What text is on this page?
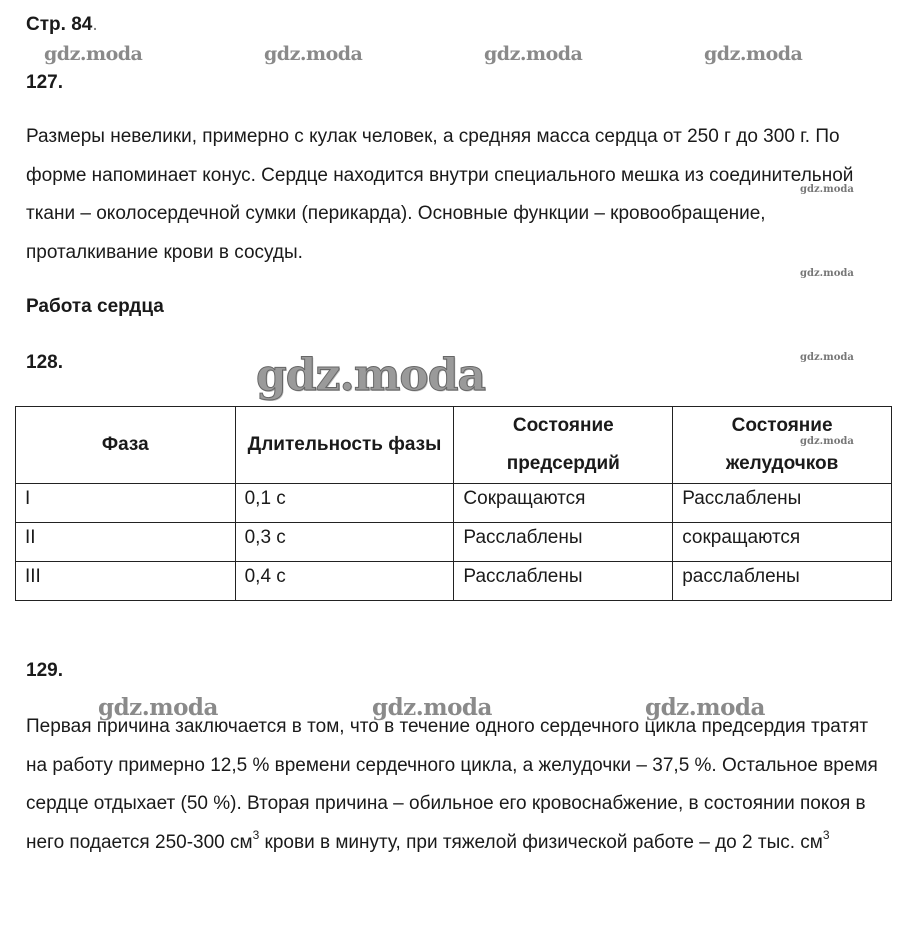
Стр. 84.
gdz.moda	gdz.moda	gdz.moda	gdz.moda
127.

Размеры невелики, примерно с кулак человек, а средняя масса сердца от 250 г до 300 г. По форме напоминает конус. Сердце находится внутри специального мешка из соединительной ткани – околосердечной сумки (перикарда). Основные функции – кровообращение, проталкивание крови в сосуды.

gdz.moda
gdz.moda
Работа сердца
128.	gdz.moda
gdz.moda
Фаза	Длительность фазы	Состояние предсердий	Состояние желудочков
I	0,1 с	Сокращаются	Расслаблены
II	0,3 с	Расслаблены	сокращаются
III	0,4 с	Расслаблены	расслаблены
gdz.moda
129.
gdz.moda	gdz.moda	gdz.moda

Первая причина заключается в том, что в течение одного сердечного цикла предсердия тратят на работу примерно 12,5 % времени сердечного цикла, а желудочки – 37,5 %. Остальное время сердце отдыхает (50 %). Вторая причина – обильное его кровоснабжение, в состоянии покоя в него подается 250-300 $см^3$ крови в минуту, при тяжелой физической работе – до 2 тыс. $см^3$
